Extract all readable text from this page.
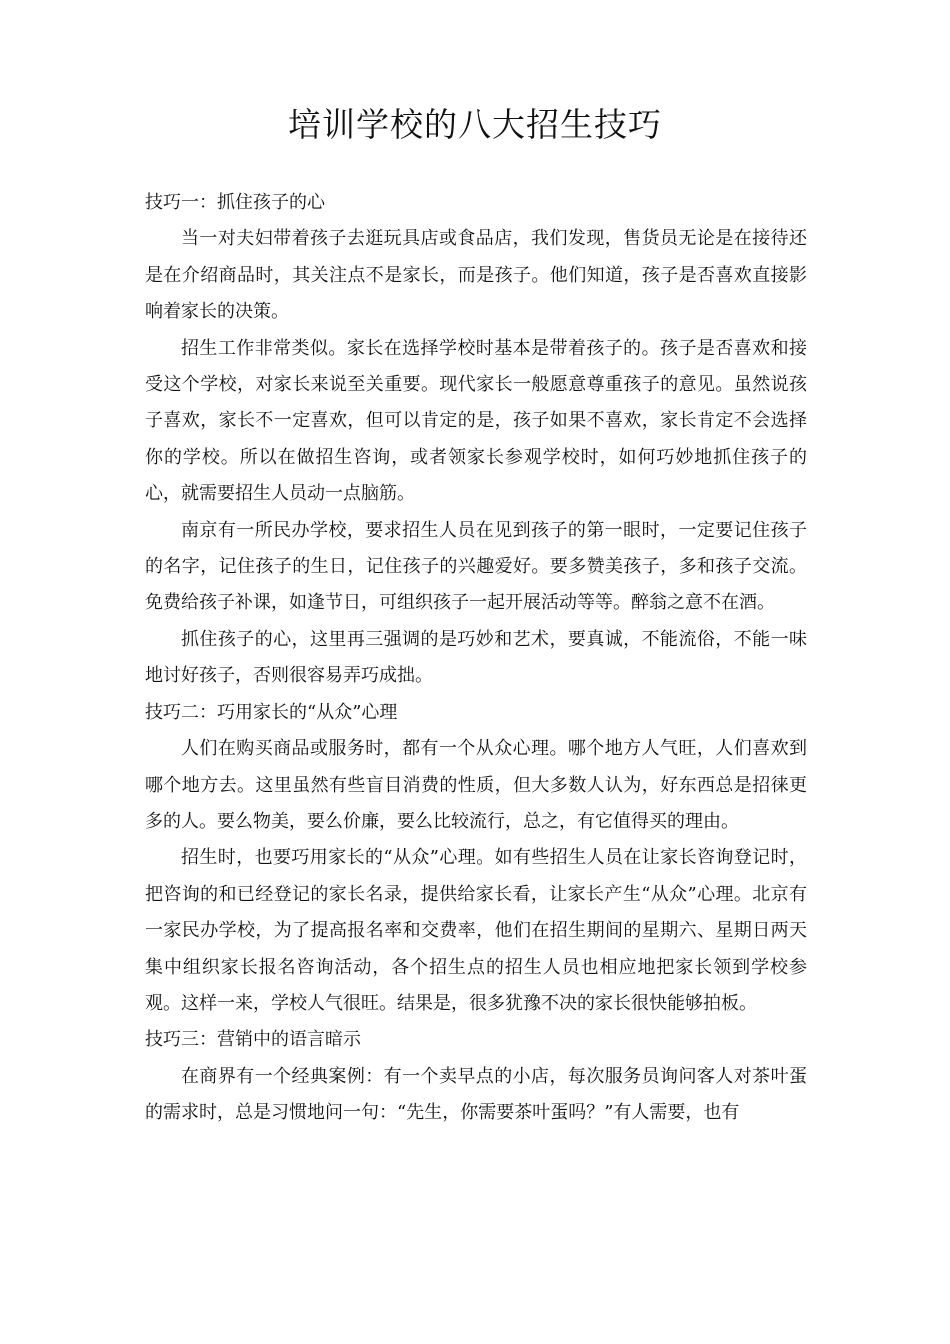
培训学校的八大招生技巧

技巧一：抓住孩子的心

当一对夫妇带着孩子去逛玩具店或食品店，我们发现，售货员无论是在接待还是在介绍商品时，其关注点不是家长，而是孩子。他们知道，孩子是否喜欢直接影响着家长的决策。

招生工作非常类似。家长在选择学校时基本是带着孩子的。孩子是否喜欢和接受这个学校，对家长来说至关重要。现代家长一般愿意尊重孩子的意见。虽然说孩子喜欢，家长不一定喜欢，但可以肯定的是，孩子如果不喜欢，家长肯定不会选择你的学校。所以在做招生咨询，或者领家长参观学校时，如何巧妙地抓住孩子的心，就需要招生人员动一点脑筋。

南京有一所民办学校，要求招生人员在见到孩子的第一眼时，一定要记住孩子的名字，记住孩子的生日，记住孩子的兴趣爱好。要多赞美孩子，多和孩子交流。免费给孩子补课，如逢节日，可组织孩子一起开展活动等等。醉翁之意不在酒。

抓住孩子的心，这里再三强调的是巧妙和艺术，要真诚，不能流俗，不能一味地讨好孩子，否则很容易弄巧成拙。

技巧二：巧用家长的“从众”心理

人们在购买商品或服务时，都有一个从众心理。哪个地方人气旺，人们喜欢到哪个地方去。这里虽然有些盲目消费的性质，但大多数人认为，好东西总是招徕更多的人。要么物美，要么价廉，要么比较流行，总之，有它值得买的理由。

招生时，也要巧用家长的“从众”心理。如有些招生人员在让家长咨询登记时，把咨询的和已经登记的家长名录，提供给家长看，让家长产生“从众”心理。北京有一家民办学校，为了提高报名率和交费率，他们在招生期间的星期六、星期日两天集中组织家长报名咨询活动，各个招生点的招生人员也相应地把家长领到学校参观。这样一来，学校人气很旺。结果是，很多犹豫不决的家长很快能够拍板。

技巧三：营销中的语言暗示

在商界有一个经典案例：有一个卖早点的小店，每次服务员询问客人对茶叶蛋的需求时，总是习惯地问一句：“先生，你需要茶叶蛋吗？”有人需要，也有
